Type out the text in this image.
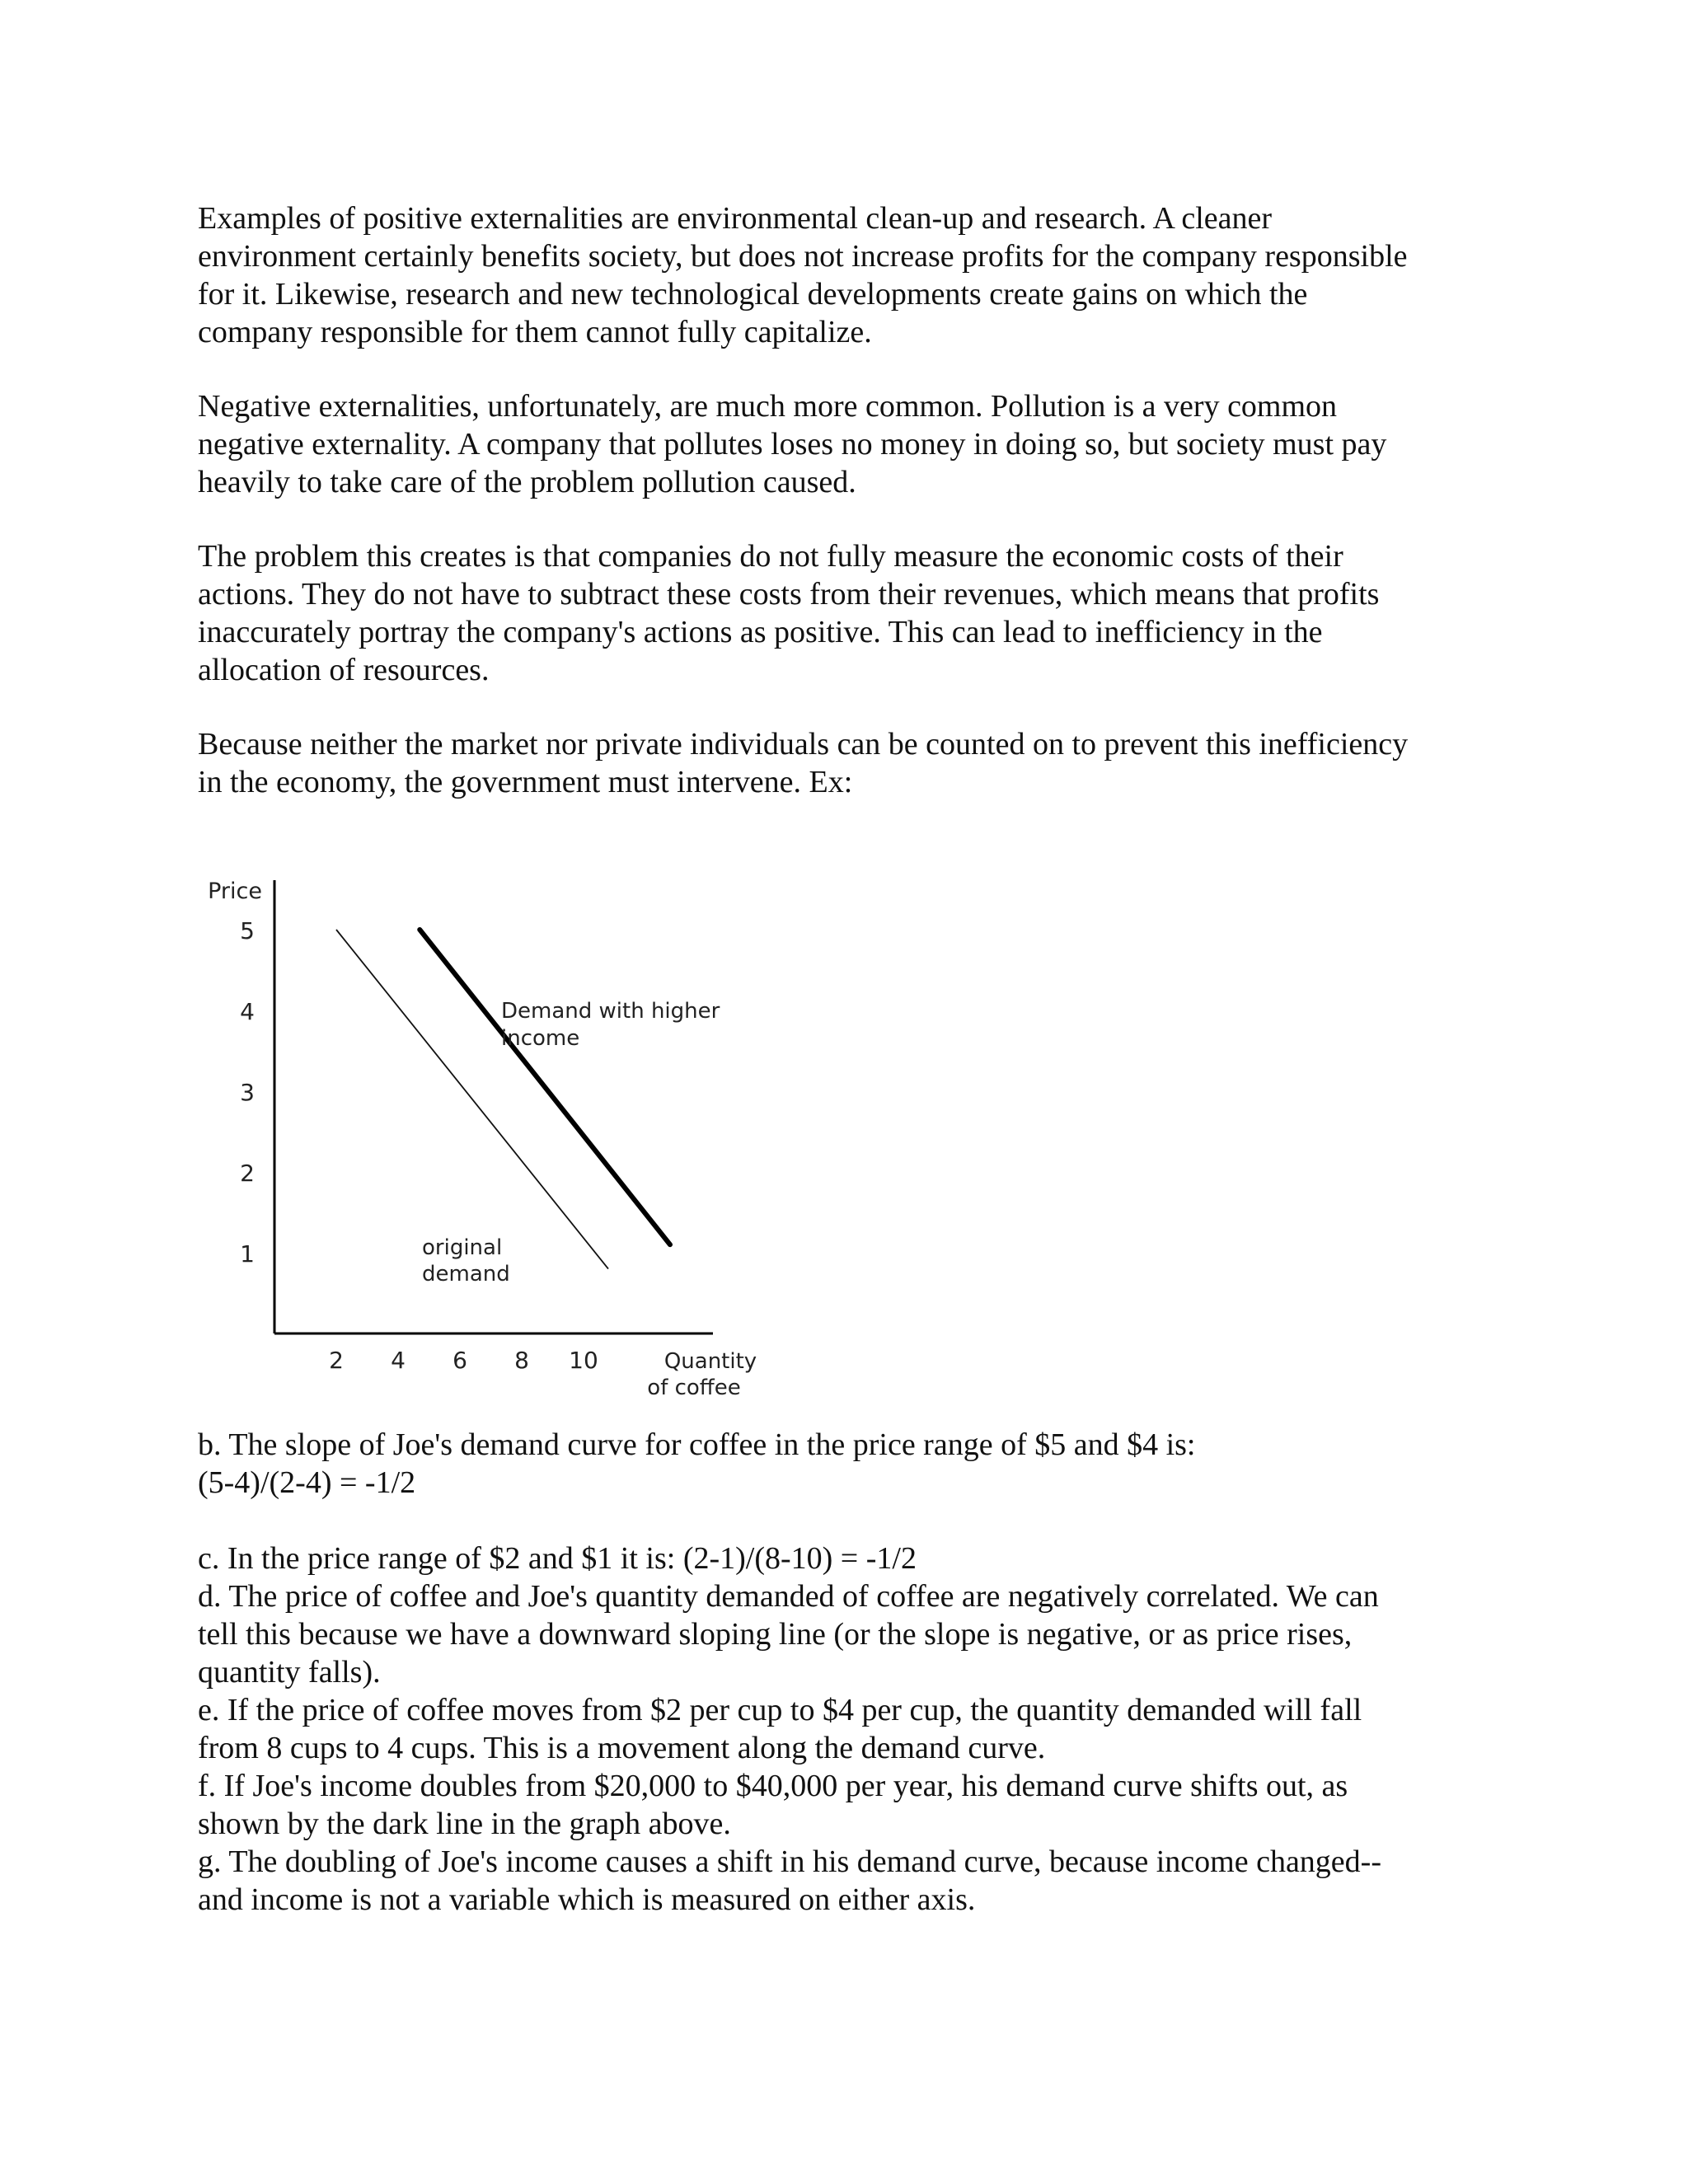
Examples of positive externalities are environmental clean-up and research. A cleaner
environment certainly benefits society, but does not increase profits for the company responsible
for it. Likewise, research and new technological developments create gains on which the
company responsible for them cannot fully capitalize.

Negative externalities, unfortunately, are much more common. Pollution is a very common
negative externality. A company that pollutes loses no money in doing so, but society must pay
heavily to take care of the problem pollution caused.

The problem this creates is that companies do not fully measure the economic costs of their
actions. They do not have to subtract these costs from their revenues, which means that profits
inaccurately portray the company's actions as positive. This can lead to inefficiency in the
allocation of resources.

Because neither the market nor private individuals can be counted on to prevent this inefficiency
in the economy, the government must intervene. Ex:

5
4
3
2
1
2 4 6 8 10
Price
Quantity
of coffee
Demand with higher
income
original
demand

b. The slope of Joe's demand curve for coffee in the price range of $5 and $4 is:
(5-4)/(2-4) = -1/2

c. In the price range of $2 and $1 it is: (2-1)/(8-10) = -1/2
d. The price of coffee and Joe's quantity demanded of coffee are negatively correlated. We can
tell this because we have a downward sloping line (or the slope is negative, or as price rises,
quantity falls).
e. If the price of coffee moves from $2 per cup to $4 per cup, the quantity demanded will fall
from 8 cups to 4 cups. This is a movement along the demand curve.
f. If Joe's income doubles from $20,000 to $40,000 per year, his demand curve shifts out, as
shown by the dark line in the graph above.
g. The doubling of Joe's income causes a shift in his demand curve, because income changed--
and income is not a variable which is measured on either axis.
